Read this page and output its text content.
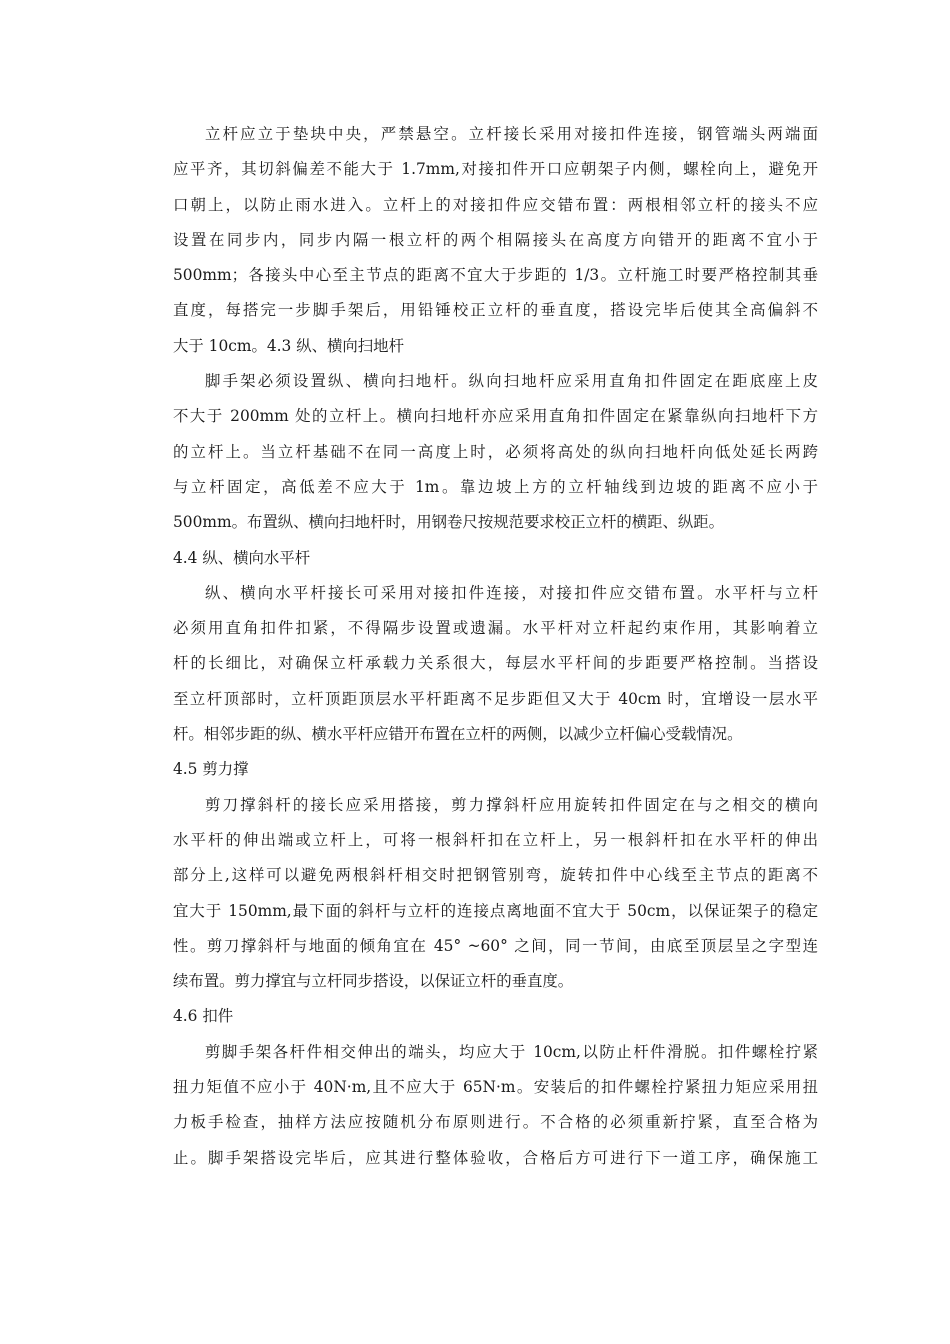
立杆应立于垫块中央，严禁悬空。立杆接长采用对接扣件连接，钢管端头两端面
应平齐，其切斜偏差不能大于 1.7mm,对接扣件开口应朝架子内侧，螺栓向上，避免开
口朝上，以防止雨水进入。立杆上的对接扣件应交错布置：两根相邻立杆的接头不应
设置在同步内，同步内隔一根立杆的两个相隔接头在高度方向错开的距离不宜小于
500mm；各接头中心至主节点的距离不宜大于步距的 1/3。立杆施工时要严格控制其垂
直度，每搭完一步脚手架后，用铅锤校正立杆的垂直度，搭设完毕后使其全高偏斜不
大于 10cm。4.3 纵、横向扫地杆
脚手架必须设置纵、横向扫地杆。纵向扫地杆应采用直角扣件固定在距底座上皮
不大于 200mm 处的立杆上。横向扫地杆亦应采用直角扣件固定在紧靠纵向扫地杆下方
的立杆上。当立杆基础不在同一高度上时，必须将高处的纵向扫地杆向低处延长两跨
与立杆固定，高低差不应大于 1m。靠边坡上方的立杆轴线到边坡的距离不应小于
500mm。布置纵、横向扫地杆时，用钢卷尺按规范要求校正立杆的横距、纵距。
4.4 纵、横向水平杆
纵、横向水平杆接长可采用对接扣件连接，对接扣件应交错布置。水平杆与立杆
必须用直角扣件扣紧，不得隔步设置或遗漏。水平杆对立杆起约束作用，其影响着立
杆的长细比，对确保立杆承载力关系很大，每层水平杆间的步距要严格控制。当搭设
至立杆顶部时，立杆顶距顶层水平杆距离不足步距但又大于 40cm 时，宜增设一层水平
杆。相邻步距的纵、横水平杆应错开布置在立杆的两侧，以减少立杆偏心受载情况。
4.5 剪力撑
剪刀撑斜杆的接长应采用搭接，剪力撑斜杆应用旋转扣件固定在与之相交的横向
水平杆的伸出端或立杆上，可将一根斜杆扣在立杆上，另一根斜杆扣在水平杆的伸出
部分上,这样可以避免两根斜杆相交时把钢管别弯，旋转扣件中心线至主节点的距离不
宜大于 150mm,最下面的斜杆与立杆的连接点离地面不宜大于 50cm，以保证架子的稳定
性。剪刀撑斜杆与地面的倾角宜在 45° ~60° 之间，同一节间，由底至顶层呈之字型连
续布置。剪力撑宜与立杆同步搭设，以保证立杆的垂直度。
4.6 扣件
剪脚手架各杆件相交伸出的端头，均应大于 10cm,以防止杆件滑脱。扣件螺栓拧紧
扭力矩值不应小于 40N·m,且不应大于 65N·m。安装后的扣件螺栓拧紧扭力矩应采用扭
力板手检查，抽样方法应按随机分布原则进行。不合格的必须重新拧紧，直至合格为
止。脚手架搭设完毕后，应其进行整体验收，合格后方可进行下一道工序，确保施工
